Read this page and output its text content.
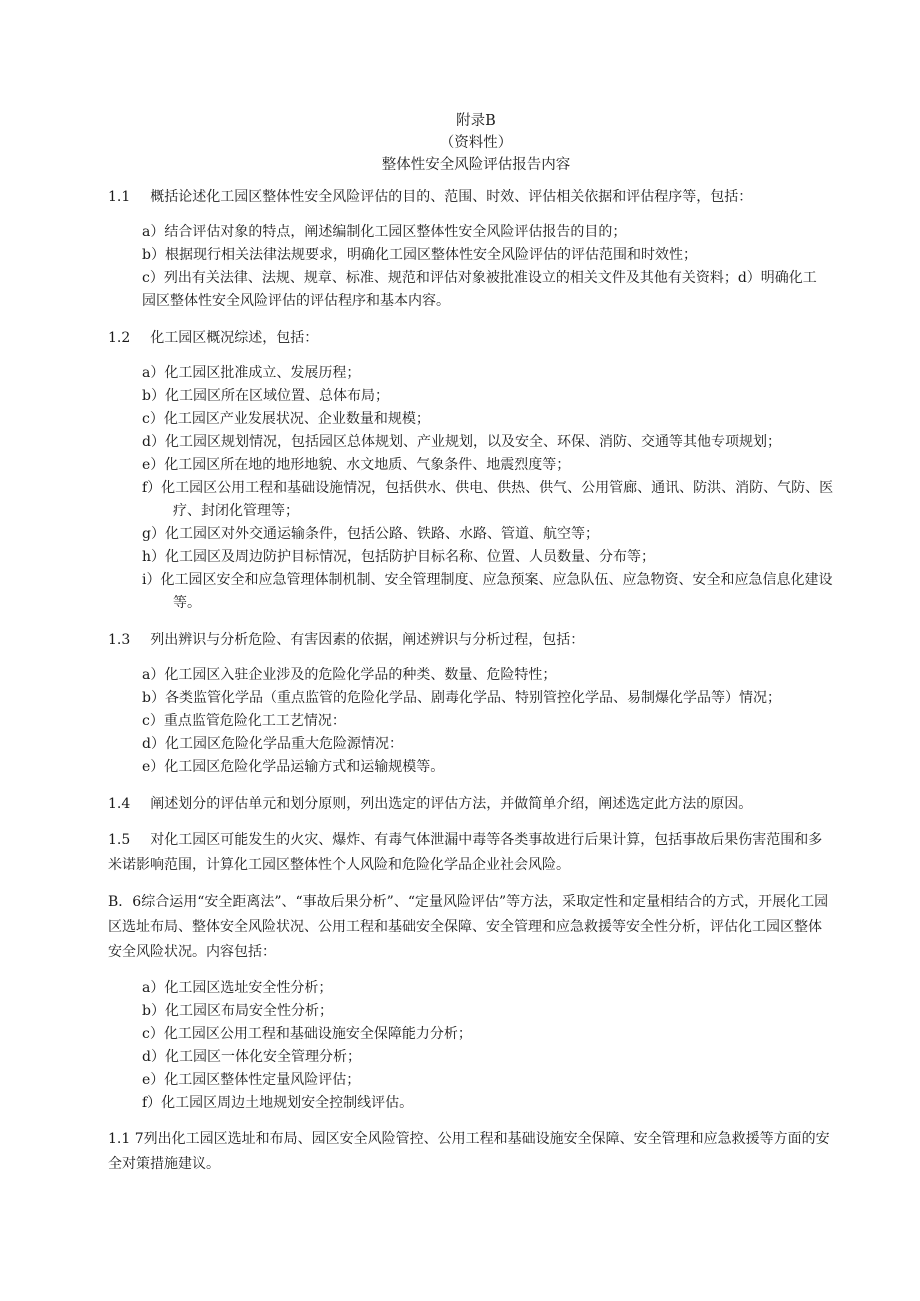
附录B
（资料性）
整体性安全风险评估报告内容

1.1 概括论述化工园区整体性安全风险评估的目的、范围、时效、评估相关依据和评估程序等，包括：

a）结合评估对象的特点，阐述编制化工园区整体性安全风险评估报告的目的；
b）根据现行相关法律法规要求，明确化工园区整体性安全风险评估的评估范围和时效性；
c）列出有关法律、法规、规章、标准、规范和评估对象被批准设立的相关文件及其他有关资料；d）明确化工园区整体性安全风险评估的评估程序和基本内容。

1.2 化工园区概况综述，包括：

a）化工园区批准成立、发展历程；
b）化工园区所在区域位置、总体布局；
c）化工园区产业发展状况、企业数量和规模；
d）化工园区规划情况，包括园区总体规划、产业规划，以及安全、环保、消防、交通等其他专项规划；
e）化工园区所在地的地形地貌、水文地质、气象条件、地震烈度等；
f）化工园区公用工程和基础设施情况，包括供水、供电、供热、供气、公用管廊、通讯、防洪、消防、气防、医疗、封闭化管理等；
g）化工园区对外交通运输条件，包括公路、铁路、水路、管道、航空等；
h）化工园区及周边防护目标情况，包括防护目标名称、位置、人员数量、分布等；
i）化工园区安全和应急管理体制机制、安全管理制度、应急预案、应急队伍、应急物资、安全和应急信息化建设等。

1.3 列出辨识与分析危险、有害因素的依据，阐述辨识与分析过程，包括：

a）化工园区入驻企业涉及的危险化学品的种类、数量、危险特性；
b）各类监管化学品（重点监管的危险化学品、剧毒化学品、特别管控化学品、易制爆化学品等）情况；
c）重点监管危险化工工艺情况：
d）化工园区危险化学品重大危险源情况：
e）化工园区危险化学品运输方式和运输规模等。

1.4 阐述划分的评估单元和划分原则，列出选定的评估方法，并做简单介绍，阐述选定此方法的原因。

1.5 对化工园区可能发生的火灾、爆炸、有毒气体泄漏中毒等各类事故进行后果计算，包括事故后果伤害范围和多米诺影响范围，计算化工园区整体性个人风险和危险化学品企业社会风险。

B．6综合运用“安全距离法”、“事故后果分析”、“定量风险评估”等方法，采取定性和定量相结合的方式，开展化工园区选址布局、整体安全风险状况、公用工程和基础安全保障、安全管理和应急救援等安全性分析，评估化工园区整体安全风险状况。内容包括：

a）化工园区选址安全性分析；
b）化工园区布局安全性分析；
c）化工园区公用工程和基础设施安全保障能力分析；
d）化工园区一体化安全管理分析；
e）化工园区整体性定量风险评估；
f）化工园区周边土地规划安全控制线评估。

1.1 7列出化工园区选址和布局、园区安全风险管控、公用工程和基础设施安全保障、安全管理和应急救援等方面的安全对策措施建议。
